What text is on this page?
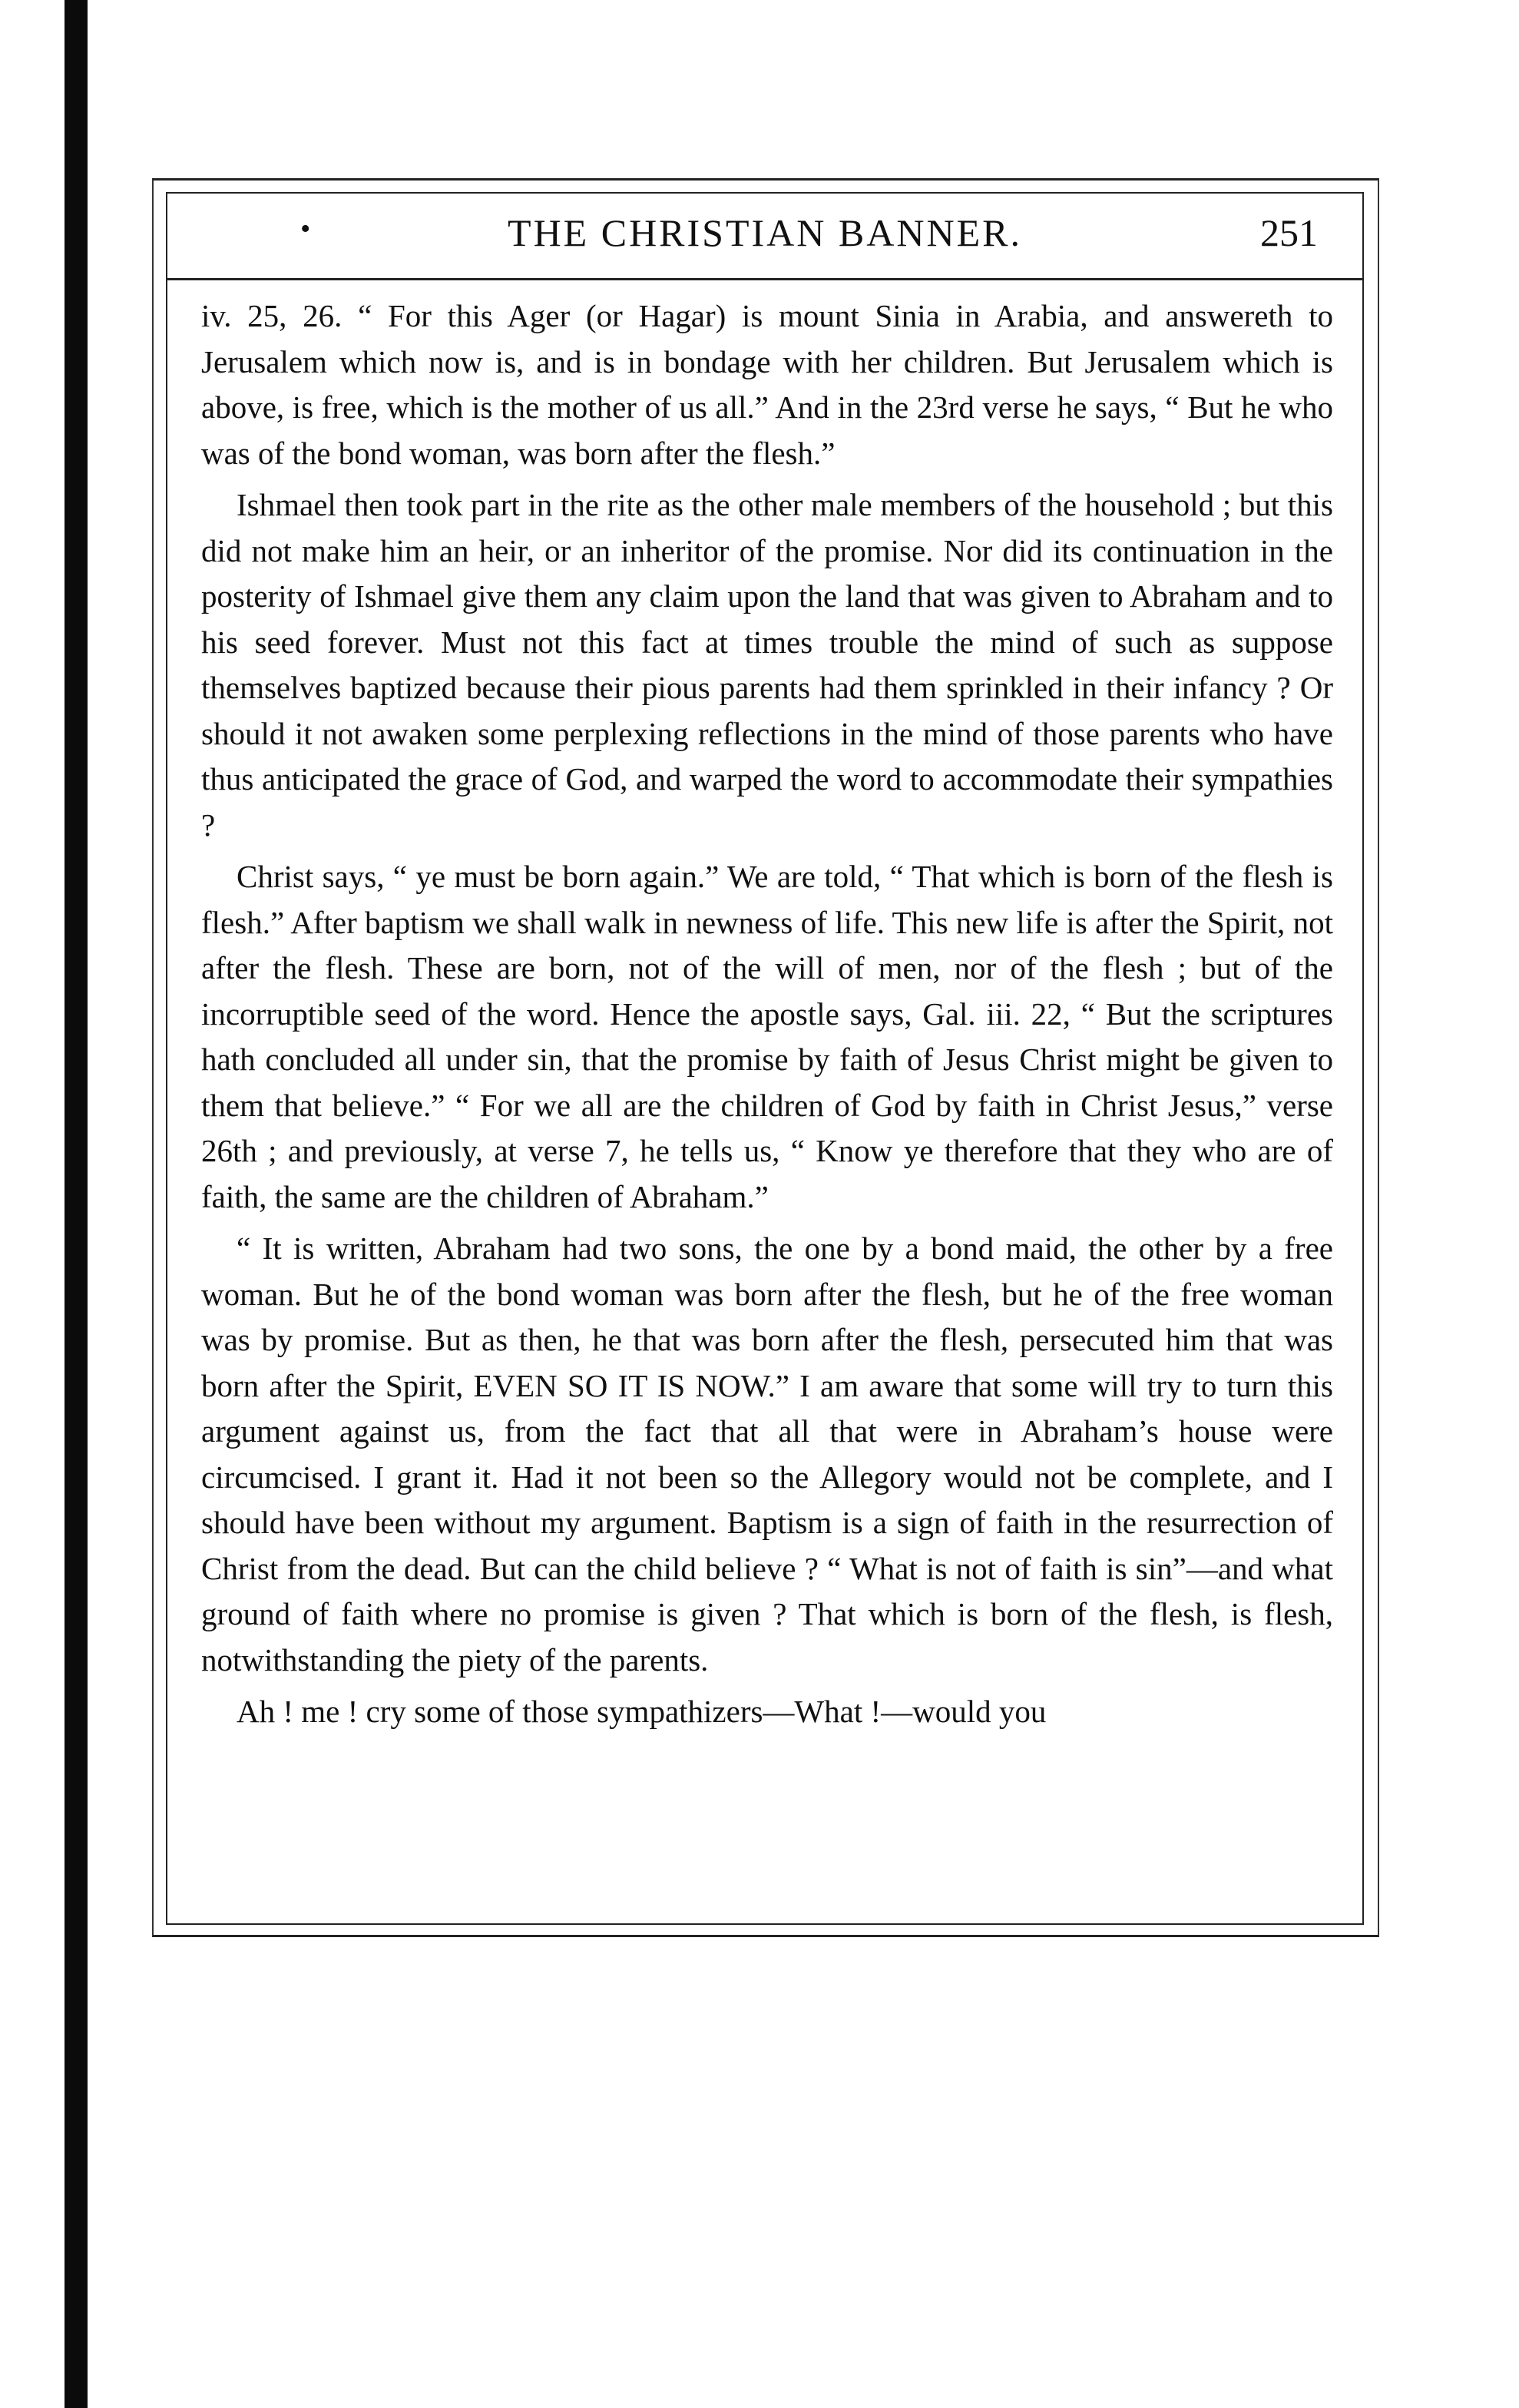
•	THE CHRISTIAN BANNER.	251

iv. 25, 26. “ For this Ager (or Hagar) is mount Sinia in Arabia, and answereth to Jerusalem which now is, and is in bondage with her children. But Jerusalem which is above, is free, which is the mother of us all.” And in the 23rd verse he says, “ But he who was of the bond woman, was born after the flesh.”

Ishmael then took part in the rite as the other male members of the household ; but this did not make him an heir, or an inheritor of the promise. Nor did its continuation in the posterity of Ishmael give them any claim upon the land that was given to Abraham and to his seed forever. Must not this fact at times trouble the mind of such as suppose themselves baptized because their pious parents had them sprinkled in their infancy ? Or should it not awaken some perplexing reflections in the mind of those parents who have thus anticipated the grace of God, and warped the word to accommodate their sympathies ?

Christ says, “ ye must be born again.” We are told, “ That which is born of the flesh is flesh.” After baptism we shall walk in newness of life. This new life is after the Spirit, not after the flesh. These are born, not of the will of men, nor of the flesh ; but of the incorruptible seed of the word. Hence the apostle says, Gal. iii. 22, “ But the scriptures hath concluded all under sin, that the promise by faith of Jesus Christ might be given to them that believe.” “ For we all are the children of God by faith in Christ Jesus,” verse 26th ; and previously, at verse 7, he tells us, “ Know ye therefore that they who are of faith, the same are the children of Abraham.”

“ It is written, Abraham had two sons, the one by a bond maid, the other by a free woman. But he of the bond woman was born after the flesh, but he of the free woman was by promise. But as then, he that was born after the flesh, persecuted him that was born after the Spirit, EVEN SO IT IS NOW.” I am aware that some will try to turn this argument against us, from the fact that all that were in Abraham’s house were circumcised. I grant it. Had it not been so the Allegory would not be complete, and I should have been without my argument. Baptism is a sign of faith in the resurrection of Christ from the dead. But can the child believe ? “ What is not of faith is sin”—and what ground of faith where no promise is given ? That which is born of the flesh, is flesh, notwithstanding the piety of the parents.

Ah ! me ! cry some of those sympathizers—What !—would you
